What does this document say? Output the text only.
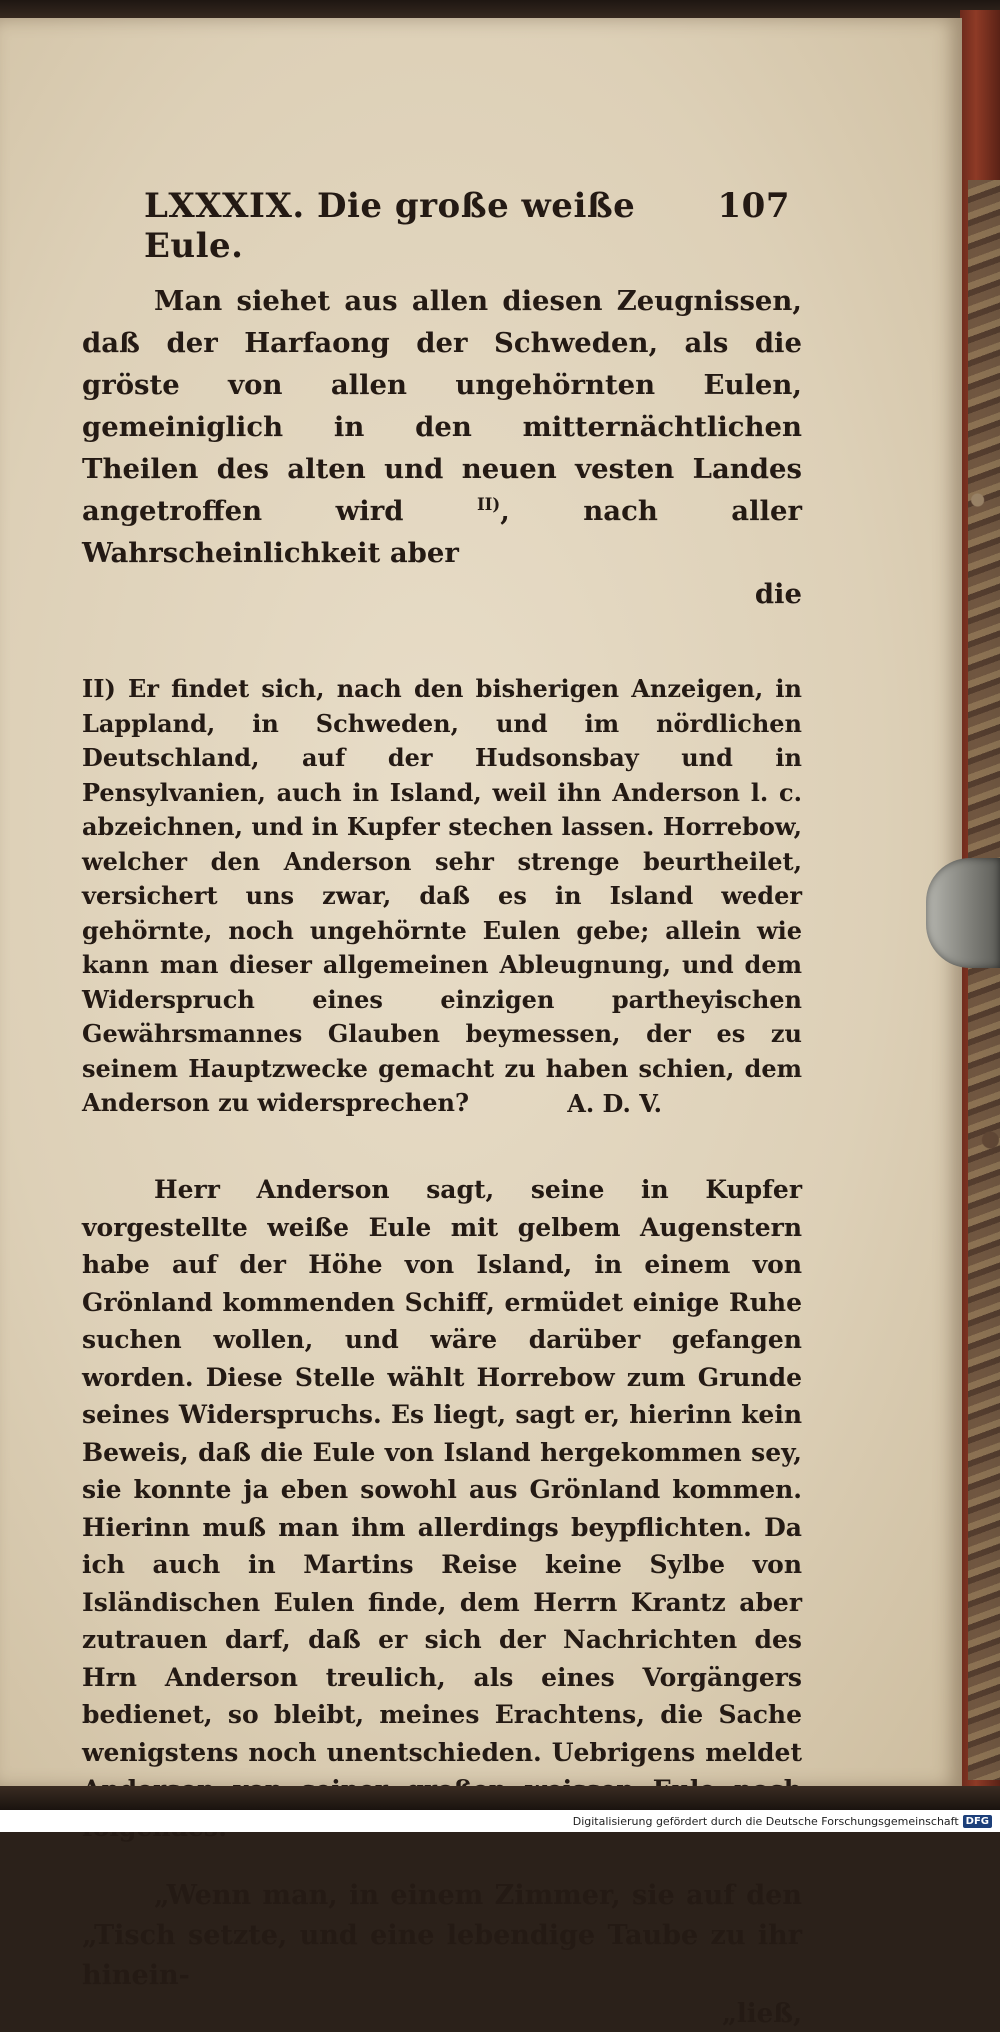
LXXXIX. Die große weiße Eule.
107

Man siehet aus allen diesen Zeugnissen, daß der Harfaong der Schweden, als die gröste von allen ungehörnten Eulen, gemeiniglich in den mitternächtlichen Theilen des alten und neuen vesten Landes angetroffen wird	$^{II)}$, nach aller Wahrscheinlichkeit aber

die
II) Er findet sich, nach den bisherigen Anzeigen, in Lappland, in Schweden, und im nördlichen Deutschland, auf der Hudsonsbay und in Pensylvanien, auch in Island, weil ihn Anderson l. c. abzeichnen, und in Kupfer stechen lassen. Horrebow, welcher den Anderson sehr strenge beurtheilet, versichert uns zwar, daß es in Island weder gehörnte, noch ungehörnte Eulen gebe; allein wie kann man dieser allgemeinen Ableugnung, und dem Widerspruch eines einzigen partheyischen Gewährsmannes Glauben beymessen, der es zu seinem Hauptzwecke gemacht zu haben schien, dem Anderson zu widersprechen?	A. D. V.

Herr Anderson sagt, seine in Kupfer vorgestellte weiße Eule mit gelbem Augenstern habe auf der Höhe von Island, in einem von Grönland kommenden Schiff, ermüdet einige Ruhe suchen wollen, und wäre darüber gefangen worden. Diese Stelle wählt Horrebow zum Grunde seines Widerspruchs. Es liegt, sagt er, hierinn kein Beweis, daß die Eule von Island hergekommen sey, sie konnte ja eben sowohl aus Grönland kommen. Hierinn muß man ihm allerdings beypflichten. Da ich auch in Martins Reise keine Sylbe von Isländischen Eulen finde, dem Herrn Krantz aber zutrauen darf, daß er sich der Nachrichten des Hrn Anderson treulich, als eines Vorgängers bedienet, so bleibt, meines Erachtens, die Sache wenigstens noch unentschieden. Uebrigens meldet

„Wenn man, in einem Zimmer, sie auf den „Tisch setzte, und eine lebendige Taube zu ihr hinein-

„ließ,
Digitalisierung gefördert durch die Deutsche Forschungsgemeinschaft DFG
